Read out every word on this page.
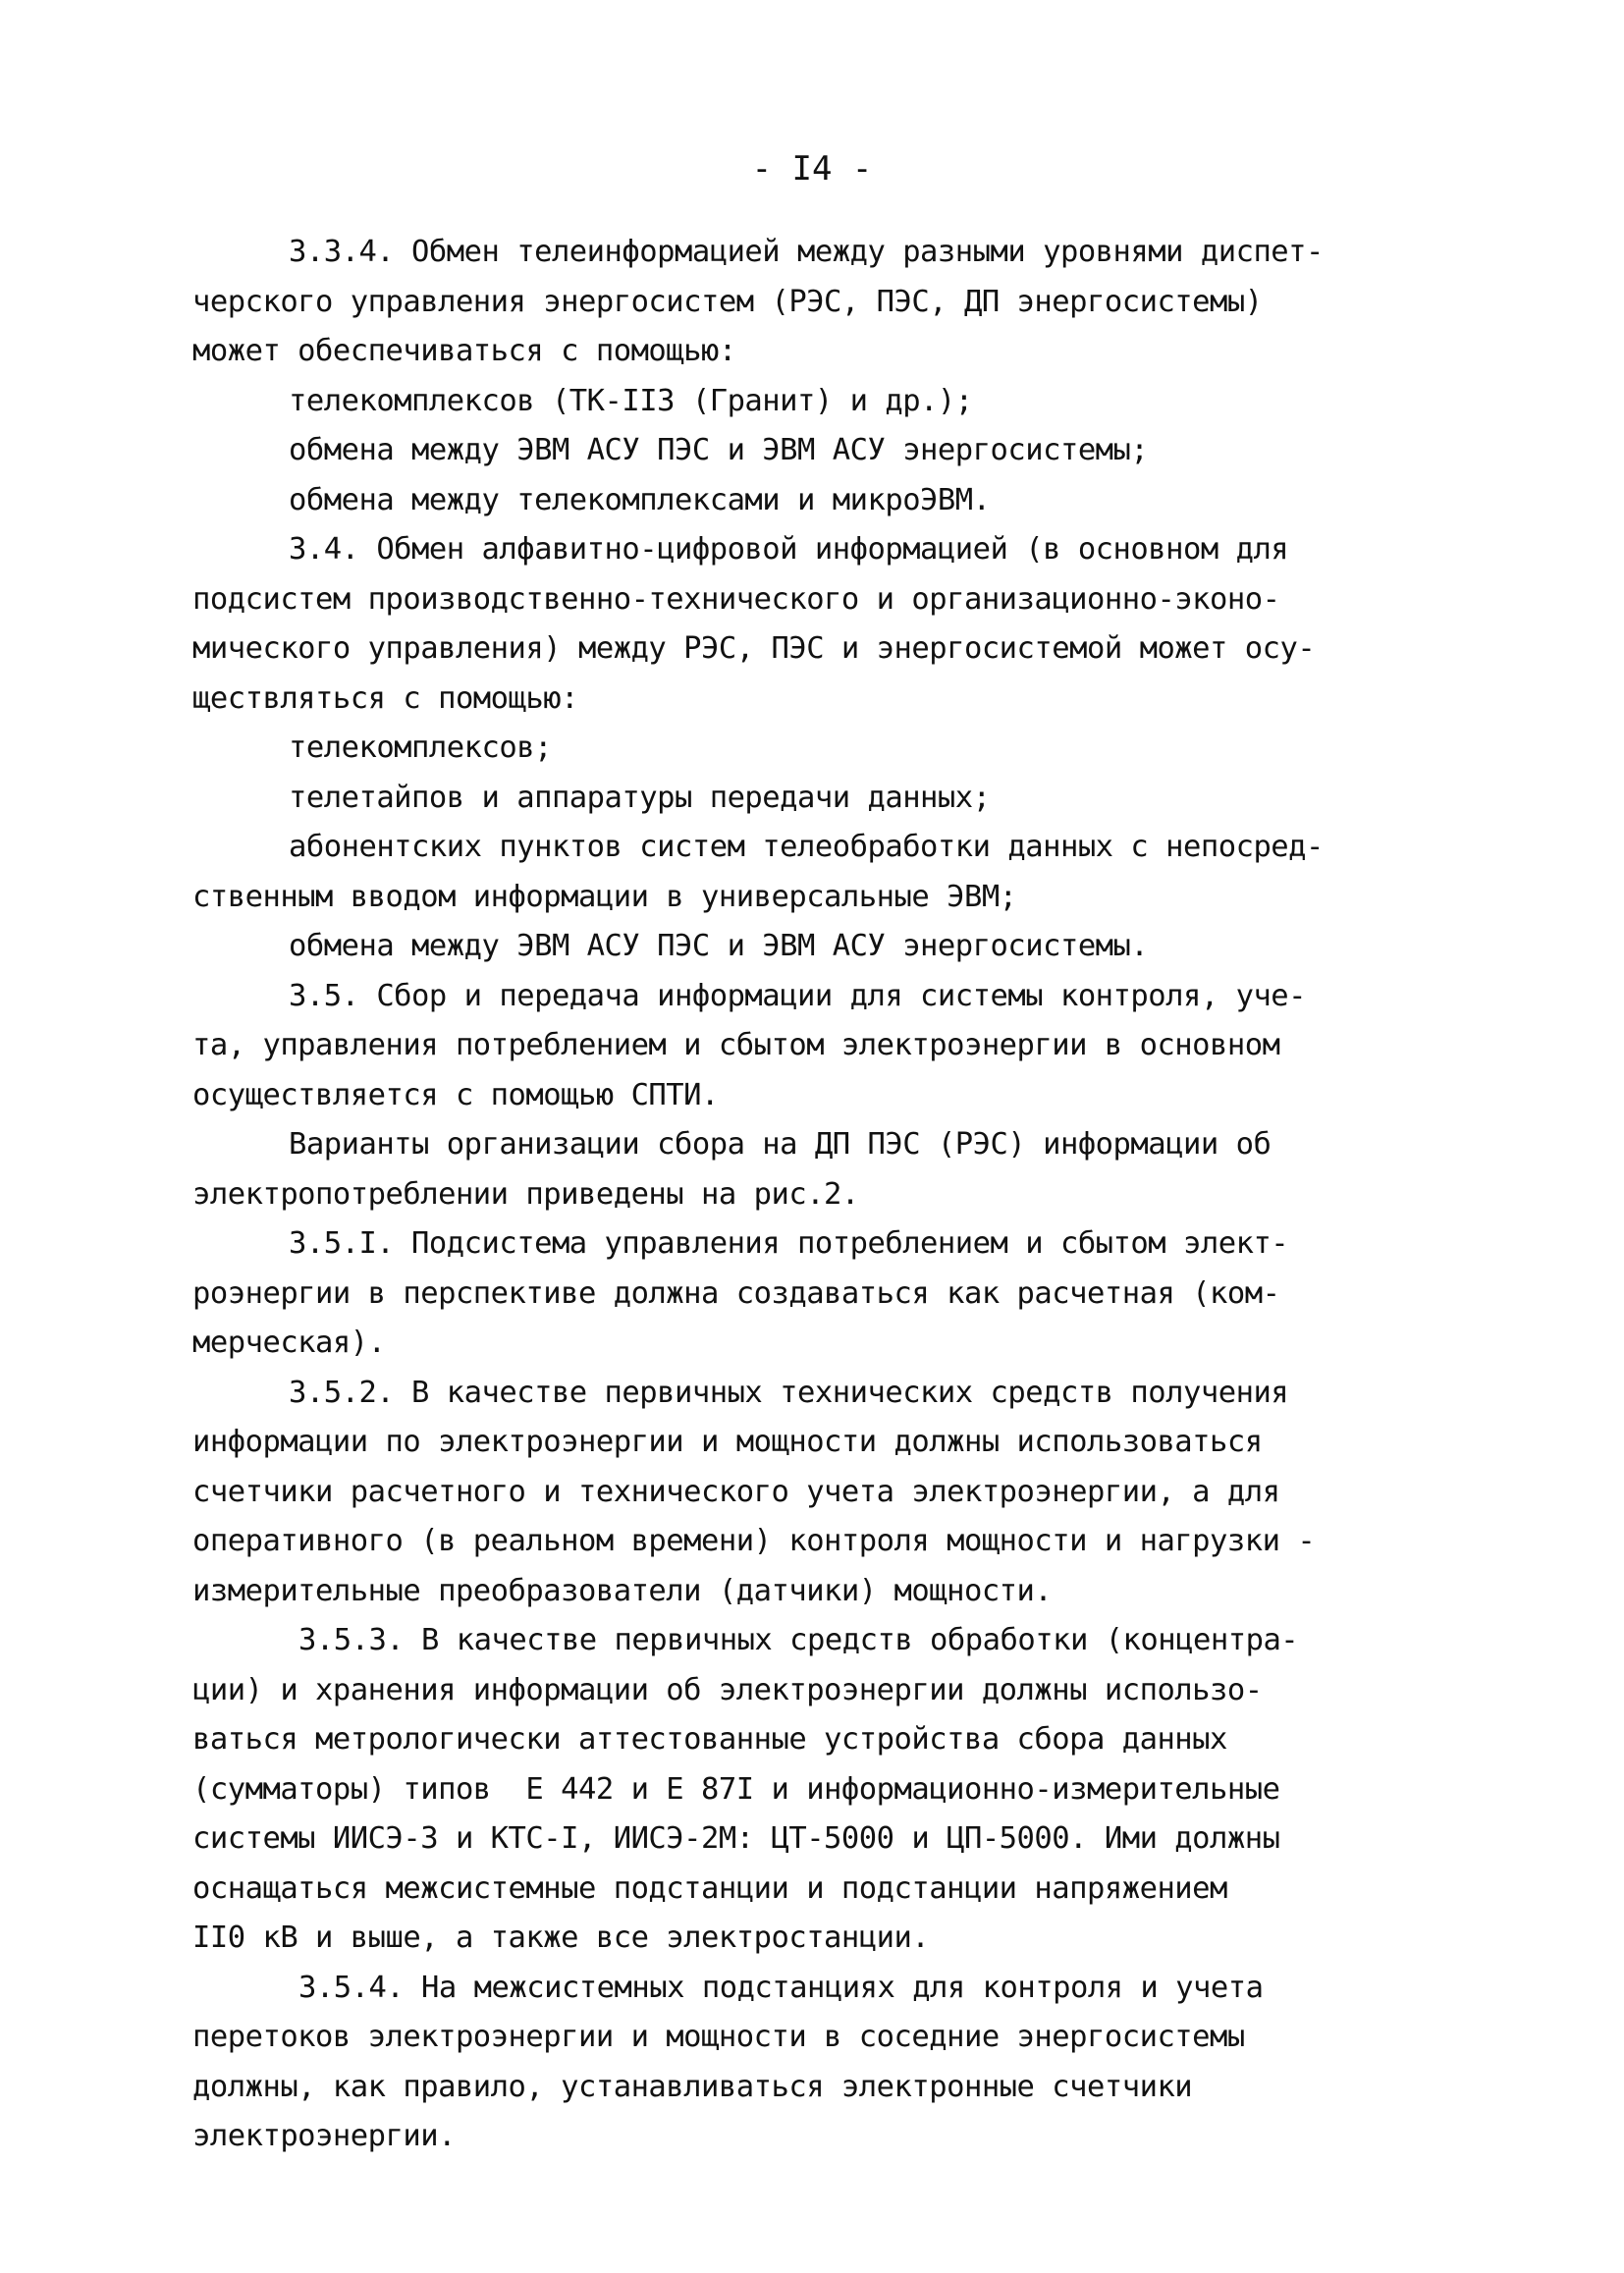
- I4 -
3.3.4. Обмен телеинформацией между разными уровнями диспет-
черского управления энергосистем (РЭС, ПЭС, ДП энергосистемы)
может обеспечиваться с помощью:
телекомплексов (ТК-II3 (Гранит) и др.);
обмена между ЭВМ АСУ ПЭС и ЭВМ АСУ энергосистемы;
обмена между телекомплексами и микроЭВМ.
3.4. Обмен алфавитно-цифровой информацией (в основном для
подсистем производственно-технического и организационно-эконо-
мического управления) между РЭС, ПЭС и энергосистемой может осу-
ществляться с помощью:
телекомплексов;
телетайпов и аппаратуры передачи данных;
абонентских пунктов систем телеобработки данных с непосред-
ственным вводом информации в универсальные ЭВМ;
обмена между ЭВМ АСУ ПЭС и ЭВМ АСУ энергосистемы.
3.5. Сбор и передача информации для системы контроля, уче-
та, управления потреблением и сбытом электроэнергии в основном
осуществляется с помощью СПТИ.
Варианты организации сбора на ДП ПЭС (РЭС) информации об
электропотреблении приведены на рис.2.
3.5.I. Подсистема управления потреблением и сбытом элект-
роэнергии в перспективе должна создаваться как расчетная (ком-
мерческая).
3.5.2. В качестве первичных технических средств получения
информации по электроэнергии и мощности должны использоваться
счетчики расчетного и технического учета электроэнергии, а для
оперативного (в реальном времени) контроля мощности и нагрузки -
измерительные преобразователи (датчики) мощности.
3.5.3. В качестве первичных средств обработки (концентра-
ции) и хранения информации об электроэнергии должны использо-
ваться метрологически аттестованные устройства сбора данных
(сумматоры) типов  Е 442 и Е 87I и информационно-измерительные
системы ИИСЭ-3 и КТС-I, ИИСЭ-2М: ЦТ-5000 и ЦП-5000. Ими должны
оснащаться межсистемные подстанции и подстанции напряжением
II0 кВ и выше, а также все электростанции.
3.5.4. На межсистемных подстанциях для контроля и учета
перетоков электроэнергии и мощности в соседние энергосистемы
должны, как правило, устанавливаться электронные счетчики
электроэнергии.
